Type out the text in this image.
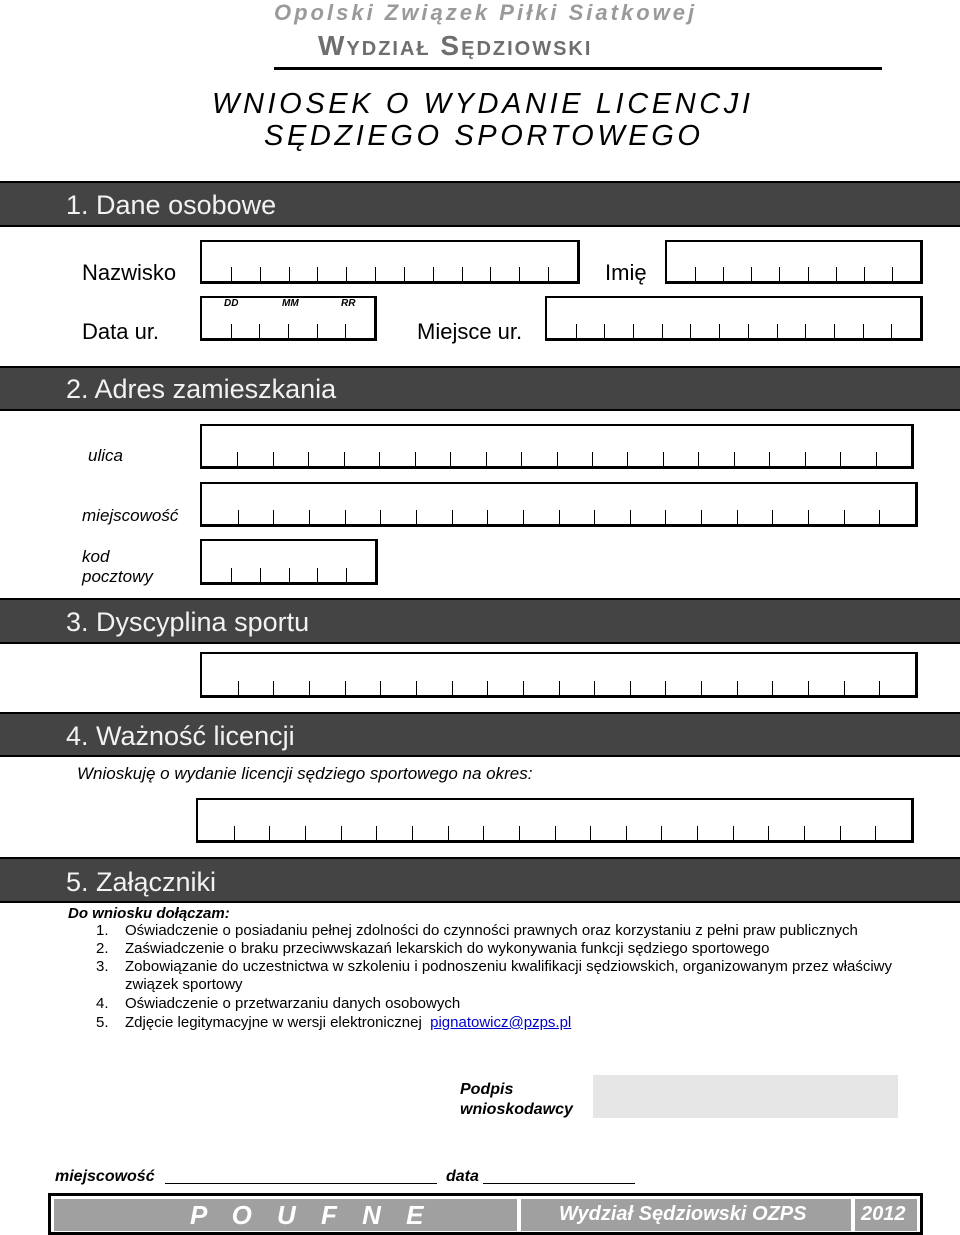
Opolski Związek Piłki Siatkowej
Wydział Sędziowski
WNIOSEK O WYDANIE LICENCJI
SĘDZIEGO SPORTOWEGO
1. Dane osobowe
Nazwisko	Imię
Data ur.
DD	MM	RR
Miejsce ur.
2. Adres zamieszkania
ulica
miejscowość
kod
pocztowy
3. Dyscyplina sportu
4. Ważność licencji
Wnioskuję o wydanie licencji sędziego sportowego na okres:
5. Załączniki
Do wniosku dołączam:
1. Oświadczenie o posiadaniu pełnej zdolności do czynności prawnych oraz korzystaniu z pełni praw publicznych
2. Zaświadczenie o braku przeciwwskazań lekarskich do wykonywania funkcji sędziego sportowego
3. Zobowiązanie do uczestnictwa w szkoleniu i podnoszeniu kwalifikacji sędziowskich, organizowanym przez właściwy związek sportowy
4. Oświadczenie o przetwarzaniu danych osobowych
5. Zdjęcie legitymacyjne w wersji elektronicznej pignatowicz@pzps.pl
Podpis
wnioskodawcy
miejscowość	data
P O U F N E	Wydział Sędziowski OZPS	2012
